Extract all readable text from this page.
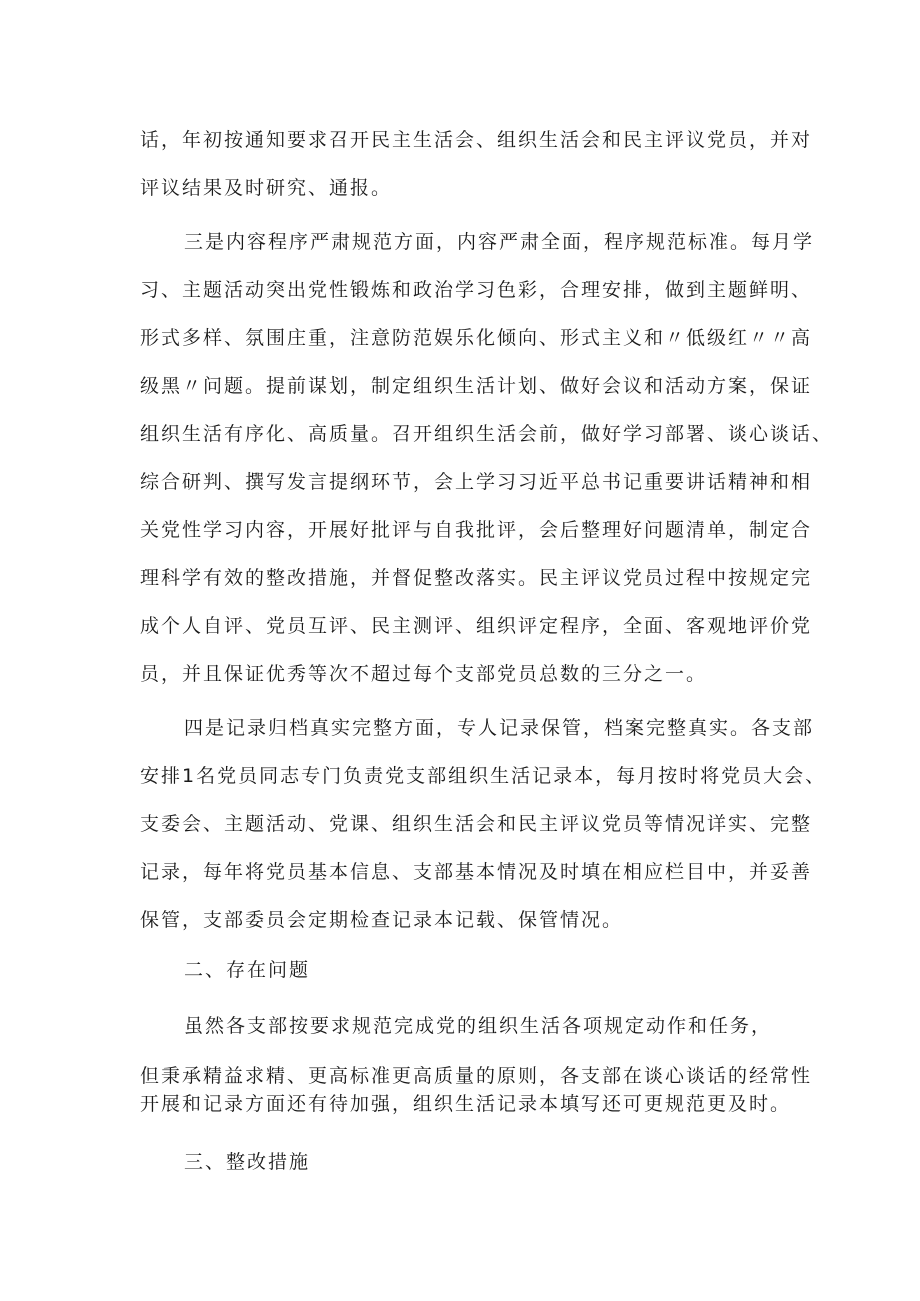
话，年初按通知要求召开民主生活会、组织生活会和民主评议党员，并对
评议结果及时研究、通报。
三是内容程序严肃规范方面，内容严肃全面，程序规范标准。每月学
习、主题活动突出党性锻炼和政治学习色彩，合理安排，做到主题鲜明、
形式多样、氛围庄重，注意防范娱乐化倾向、形式主义和〃低级红〃〃高
级黑〃问题。提前谋划，制定组织生活计划、做好会议和活动方案，保证
组织生活有序化、高质量。召开组织生活会前，做好学习部署、谈心谈话、
综合研判、撰写发言提纲环节，会上学习习近平总书记重要讲话精神和相
关党性学习内容，开展好批评与自我批评，会后整理好问题清单，制定合
理科学有效的整改措施，并督促整改落实。民主评议党员过程中按规定完
成个人自评、党员互评、民主测评、组织评定程序，全面、客观地评价党
员，并且保证优秀等次不超过每个支部党员总数的三分之一。
四是记录归档真实完整方面，专人记录保管，档案完整真实。各支部
安排1名党员同志专门负责党支部组织生活记录本，每月按时将党员大会、
支委会、主题活动、党课、组织生活会和民主评议党员等情况详实、完整
记录，每年将党员基本信息、支部基本情况及时填在相应栏目中，并妥善
保管，支部委员会定期检查记录本记载、保管情况。
二、存在问题
虽然各支部按要求规范完成党的组织生活各项规定动作和任务，
但秉承精益求精、更高标准更高质量的原则，各支部在谈心谈话的经常性
开展和记录方面还有待加强，组织生活记录本填写还可更规范更及时。
三、整改措施
